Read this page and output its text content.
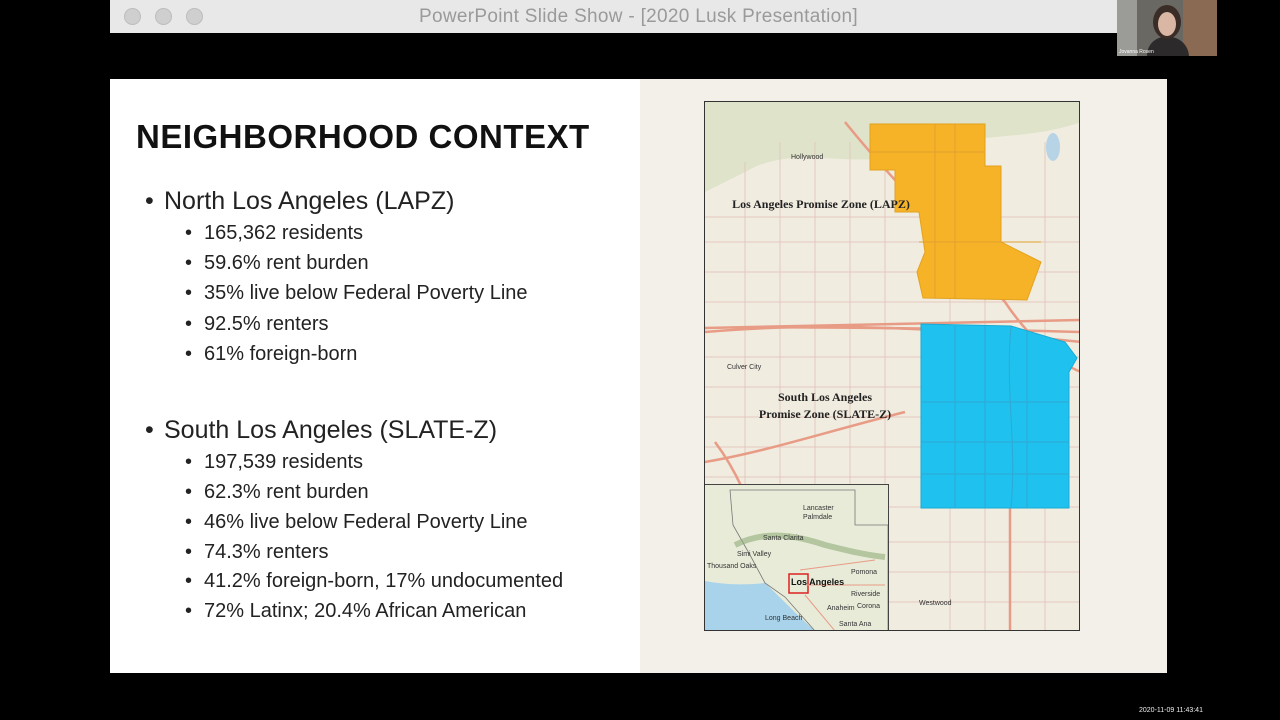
PowerPoint Slide Show - [2020 Lusk Presentation]
NEIGHBORHOOD CONTEXT
• North Los Angeles (LAPZ)
• 165,362 residents
• 59.6% rent burden
• 35% live below Federal Poverty Line
• 92.5% renters
• 61% foreign-born
• South Los Angeles (SLATE-Z)
• 197,539 residents
• 62.3% rent burden
• 46% live below Federal Poverty Line
• 74.3% renters
• 41.2% foreign-born, 17% undocumented
• 72% Latinx; 20.4% African American
Los Angeles Promise Zone (LAPZ)
South Los Angeles
Promise Zone (SLATE-Z)
Hollywood
Culver City
Westwood
Los Angeles
Lancaster
Palmdale
Santa Clarita
Simi Valley
Thousand Oaks
Anaheim
Santa Ana
Pomona
Corona
Riverside
Long Beach
Jovanna Rosen
2020-11-09 11:43:41
